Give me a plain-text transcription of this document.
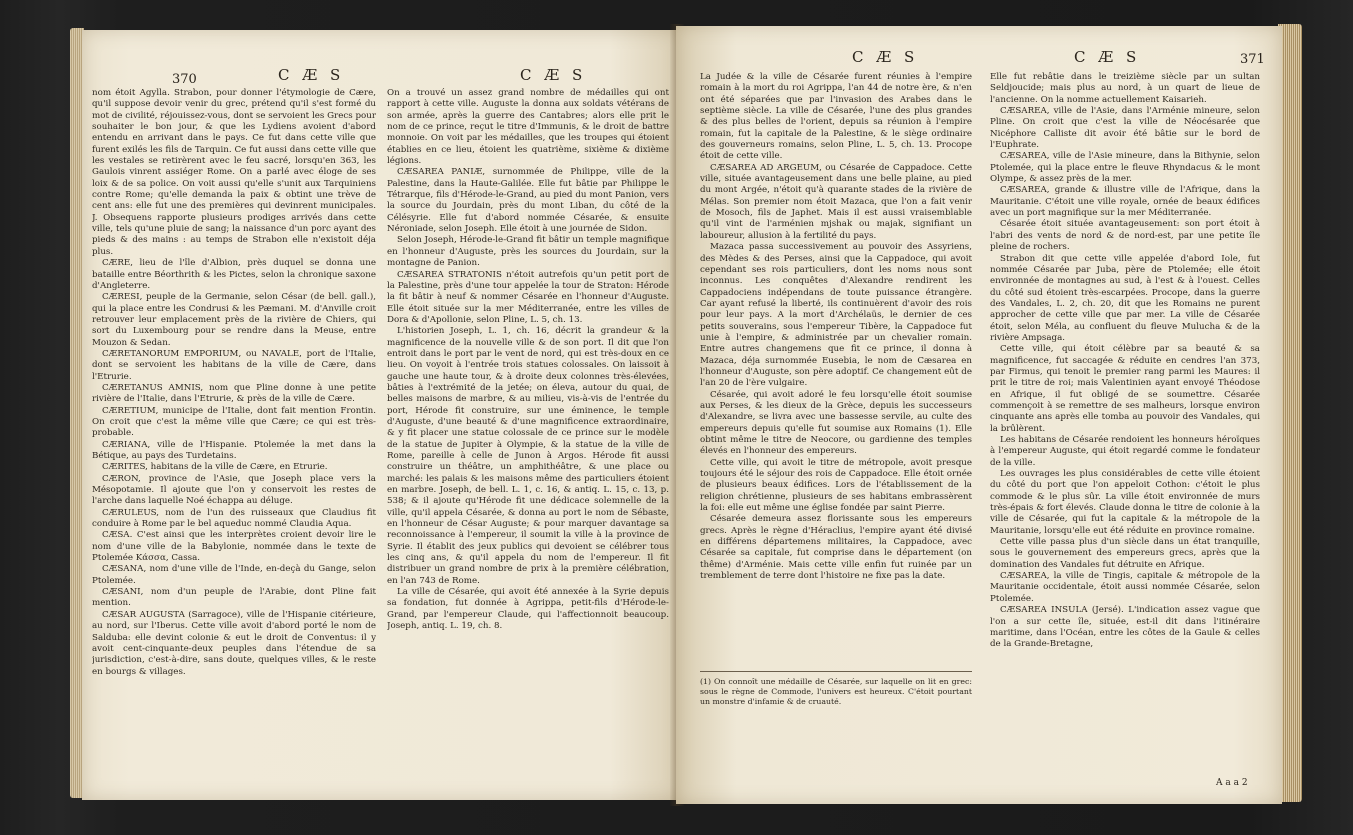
370	C Æ S	C Æ S

nom étoit Agylla. Strabon, pour donner l'étymologie de Cære, qu'il suppose devoir venir du grec, prétend qu'il s'est formé du mot de civilité, réjouissez-vous, dont se servoient les Grecs pour souhaiter le bon jour, & que les Lydiens avoient d'abord entendu en arrivant dans le pays. Ce fut dans cette ville que furent exilés les fils de Tarquin. Ce fut aussi dans cette ville que les vestales se retirèrent avec le feu sacré, lorsqu'en 363, les Gaulois vinrent assiéger Rome. On a parlé avec éloge de ses loix & de sa police. On voit aussi qu'elle s'unit aux Tarquiniens contre Rome; qu'elle demanda la paix & obtint une trève de cent ans: elle fut une des premières qui devinrent municipales. J. Obsequens rapporte plusieurs prodiges arrivés dans cette ville, tels qu'une pluie de sang; la naissance d'un porc ayant des pieds & des mains : au temps de Strabon elle n'existoit déja plus.

CÆRE, lieu de l'île d'Albion, près duquel se donna une bataille entre Béorthrith & les Pictes, selon la chronique saxone d'Angleterre.

CÆRESI, peuple de la Germanie, selon César (de bell. gall.), qui la place entre les Condrusi & les Pæmani. M. d'Anville croit retrouver leur emplacement près de la rivière de Chiers, qui sort du Luxembourg pour se rendre dans la Meuse, entre Mouzon & Sedan.

CÆRETANORUM EMPORIUM, ou NAVALE, port de l'Italie, dont se servoient les habitans de la ville de Cære, dans l'Etrurie.

CÆRETANUS AMNIS, nom que Pline donne à une petite rivière de l'Italie, dans l'Etrurie, & près de la ville de Cære.

CÆRETIUM, municipe de l'Italie, dont fait mention Frontin. On croit que c'est la même ville que Cære; ce qui est très-probable.

CÆRIANA, ville de l'Hispanie. Ptolemée la met dans la Bétique, au pays des Turdetains.

CÆRITES, habitans de la ville de Cære, en Etrurie.

CÆRON, province de l'Asie, que Joseph place vers la Mésopotamie. Il ajoute que l'on y conservoit les restes de l'arche dans laquelle Noé échappa au déluge.

CÆRULEUS, nom de l'un des ruisseaux que Claudius fit conduire à Rome par le bel aqueduc nommé Claudia Aqua.

CÆSA. C'est ainsi que les interprètes croient devoir lire le nom d'une ville de la Babylonie, nommée dans le texte de Ptolemée Κάσσα, Cassa.

CÆSANA, nom d'une ville de l'Inde, en-deçà du Gange, selon Ptolemée.

CÆSANI, nom d'un peuple de l'Arabie, dont Pline fait mention.

CÆSAR AUGUSTA (Sarragoce), ville de l'Hispanie citérieure, au nord, sur l'Iberus. Cette ville avoit d'abord porté le nom de Salduba: elle devint colonie & eut le droit de Conventus: il y avoit cent-cinquante-deux peuples dans l'étendue de sa jurisdiction, c'est-à-dire, sans doute, quelques villes, & le reste en bourgs & villages.

On a trouvé un assez grand nombre de médailles qui ont rapport à cette ville. Auguste la donna aux soldats vétérans de son armée, après la guerre des Cantabres; alors elle prit le nom de ce prince, reçut le titre d'Immunis, & le droit de battre monnoie. On voit par les médailles, que les troupes qui étoient établies en ce lieu, étoient les quatrième, sixième & dixième légions.

CÆSAREA PANIÆ, surnommée de Philippe, ville de la Palestine, dans la Haute-Galilée. Elle fut bâtie par Philippe le Tétrarque, fils d'Hérode-le-Grand, au pied du mont Panion, vers la source du Jourdain, près du mont Liban, du côté de la Célésyrie. Elle fut d'abord nommée Césarée, & ensuite Néroniade, selon Joseph. Elle étoit à une journée de Sidon.

Selon Joseph, Hérode-le-Grand fit bâtir un temple magnifique en l'honneur d'Auguste, près les sources du Jourdain, sur la montagne de Panion.

CÆSAREA STRATONIS n'étoit autrefois qu'un petit port de la Palestine, près d'une tour appelée la tour de Straton: Hérode la fit bâtir à neuf & nommer Césarée en l'honneur d'Auguste. Elle étoit située sur la mer Méditerranée, entre les villes de Dora & d'Apollonie, selon Pline, L. 5, ch. 13.

L'historien Joseph, L. 1, ch. 16, décrit la grandeur & la magnificence de la nouvelle ville & de son port. Il dit que l'on entroit dans le port par le vent de nord, qui est très-doux en ce lieu. On voyoit à l'entrée trois statues colossales. On laissoit à gauche une haute tour, & à droite deux colonnes très-élevées, bâties à l'extrémité de la jetée; on éleva, autour du quai, de belles maisons de marbre, & au milieu, vis-à-vis de l'entrée du port, Hérode fit construire, sur une éminence, le temple d'Auguste, d'une beauté & d'une magnificence extraordinaire, & y fit placer une statue colossale de ce prince sur le modèle de la statue de Jupiter à Olympie, & la statue de la ville de Rome, pareille à celle de Junon à Argos. Hérode fit aussi construire un théâtre, un amphithéâtre, & une place ou marché: les palais & les maisons même des particuliers étoient en marbre. Joseph, de bell. L. 1, c. 16, & antiq. L. 15, c. 13, p. 538; & il ajoute qu'Hérode fit une dédicace solemnelle de la ville, qu'il appela Césarée, & donna au port le nom de Sébaste, en l'honneur de César Auguste; & pour marquer davantage sa reconnoissance à l'empereur, il soumit la ville à la province de Syrie. Il établit des jeux publics qui devoient se célébrer tous les cinq ans, & qu'il appela du nom de l'empereur. Il fit distribuer un grand nombre de prix à la première célébration, en l'an 743 de Rome.

La ville de Césarée, qui avoit été annexée à la Syrie depuis sa fondation, fut donnée à Agrippa, petit-fils d'Hérode-le-Grand, par l'empereur Claude, qui l'affectionnoit beaucoup. Joseph, antiq. L. 19, ch. 8.

C Æ S	C Æ S	371

La Judée & la ville de Césarée furent réunies à l'empire romain à la mort du roi Agrippa, l'an 44 de notre ère, & n'en ont été séparées que par l'invasion des Arabes dans le septième siècle. La ville de Césarée, l'une des plus grandes & des plus belles de l'orient, depuis sa réunion à l'empire romain, fut la capitale de la Palestine, & le siège ordinaire des gouverneurs romains, selon Pline, L. 5, ch. 13. Procope étoit de cette ville.

CÆSAREA AD ARGEUM, ou Césarée de Cappadoce. Cette ville, située avantageusement dans une belle plaine, au pied du mont Argée, n'étoit qu'à quarante stades de la rivière de Mélas. Son premier nom étoit Mazaca, que l'on a fait venir de Mosoch, fils de Japhet. Mais il est aussi vraisemblable qu'il vint de l'arménien mjshak ou majak, signifiant un laboureur, allusion à la fertilité du pays.

Mazaca passa successivement au pouvoir des Assyriens, des Mèdes & des Perses, ainsi que la Cappadoce, qui avoit cependant ses rois particuliers, dont les noms nous sont inconnus. Les conquêtes d'Alexandre rendirent les Cappadociens indépendans de toute puissance étrangère. Car ayant refusé la liberté, ils continuèrent d'avoir des rois pour leur pays. A la mort d'Archélaüs, le dernier de ces petits souverains, sous l'empereur Tibère, la Cappadoce fut unie à l'empire, & administrée par un chevalier romain. Entre autres changemens que fit ce prince, il donna à Mazaca, déja surnommée Eusebia, le nom de Cæsarea en l'honneur d'Auguste, son père adoptif. Ce changement eût de l'an 20 de l'ère vulgaire.

Césarée, qui avoit adoré le feu lorsqu'elle étoit soumise aux Perses, & les dieux de la Grèce, depuis les successeurs d'Alexandre, se livra avec une bassesse servile, au culte des empereurs depuis qu'elle fut soumise aux Romains (1). Elle obtint même le titre de Neocore, ou gardienne des temples élevés en l'honneur des empereurs.

Cette ville, qui avoit le titre de métropole, avoit presque toujours été le séjour des rois de Cappadoce. Elle étoit ornée de plusieurs beaux édifices. Lors de l'établissement de la religion chrétienne, plusieurs de ses habitans embrassèrent la foi: elle eut même une église fondée par saint Pierre.

Césarée demeura assez florissante sous les empereurs grecs. Après le règne d'Héraclius, l'empire ayant été divisé en différens départemens militaires, la Cappadoce, avec Césarée sa capitale, fut comprise dans le département (on thême) d'Arménie. Mais cette ville enfin fut ruinée par un tremblement de terre dont l'histoire ne fixe pas la date.

(1) On connoît une médaille de Césarée, sur laquelle on lit en grec: sous le règne de Commode, l'univers est heureux. C'étoit pourtant un monstre d'infamie & de cruauté.

Elle fut rebâtie dans le treizième siècle par un sultan Seldjoucide; mais plus au nord, à un quart de lieue de l'ancienne. On la nomme actuellement Kaisarieh.

CÆSAREA, ville de l'Asie, dans l'Arménie mineure, selon Pline. On croit que c'est la ville de Néocésarée que Nicéphore Calliste dit avoir été bâtie sur le bord de l'Euphrate.

CÆSAREA, ville de l'Asie mineure, dans la Bithynie, selon Ptolemée, qui la place entre le fleuve Rhyndacus & le mont Olympe, & assez près de la mer.

CÆSAREA, grande & illustre ville de l'Afrique, dans la Mauritanie. C'étoit une ville royale, ornée de beaux édifices avec un port magnifique sur la mer Méditerranée.

Césarée étoit située avantageusement: son port étoit à l'abri des vents de nord & de nord-est, par une petite île pleine de rochers.

Strabon dit que cette ville appelée d'abord Iole, fut nommée Césarée par Juba, père de Ptolemée; elle étoit environnée de montagnes au sud, à l'est & à l'ouest. Celles du côté sud étoient très-escarpées. Procope, dans la guerre des Vandales, L. 2, ch. 20, dit que les Romains ne purent approcher de cette ville que par mer. La ville de Césarée étoit, selon Méla, au confluent du fleuve Mulucha & de la rivière Ampsaga.

Cette ville, qui étoit célèbre par sa beauté & sa magnificence, fut saccagée & réduite en cendres l'an 373, par Firmus, qui tenoit le premier rang parmi les Maures: il prit le titre de roi; mais Valentinien ayant envoyé Théodose en Afrique, il fut obligé de se soumettre. Césarée commençoit à se remettre de ses malheurs, lorsque environ cinquante ans après elle tomba au pouvoir des Vandales, qui la brûlèrent.

Les habitans de Césarée rendoient les honneurs héroïques à l'empereur Auguste, qui étoit regardé comme le fondateur de la ville.

Les ouvrages les plus considérables de cette ville étoient du côté du port que l'on appeloit Cothon: c'étoit le plus commode & le plus sûr. La ville étoit environnée de murs très-épais & fort élevés. Claude donna le titre de colonie à la ville de Césarée, qui fut la capitale & la métropole de la Mauritanie, lorsqu'elle eut été réduite en province romaine.

Cette ville passa plus d'un siècle dans un état tranquille, sous le gouvernement des empereurs grecs, après que la domination des Vandales fut détruite en Afrique.

CÆSAREA, la ville de Tingis, capitale & métropole de la Mauritanie occidentale, étoit aussi nommée Césarée, selon Ptolemée.

CÆSAREA INSULA (Jersé). L'indication assez vague que l'on a sur cette île, située, est-il dit dans l'itinéraire maritime, dans l'Océan, entre les côtes de la Gaule & celles de la Grande-Bretagne,

A a a 2
